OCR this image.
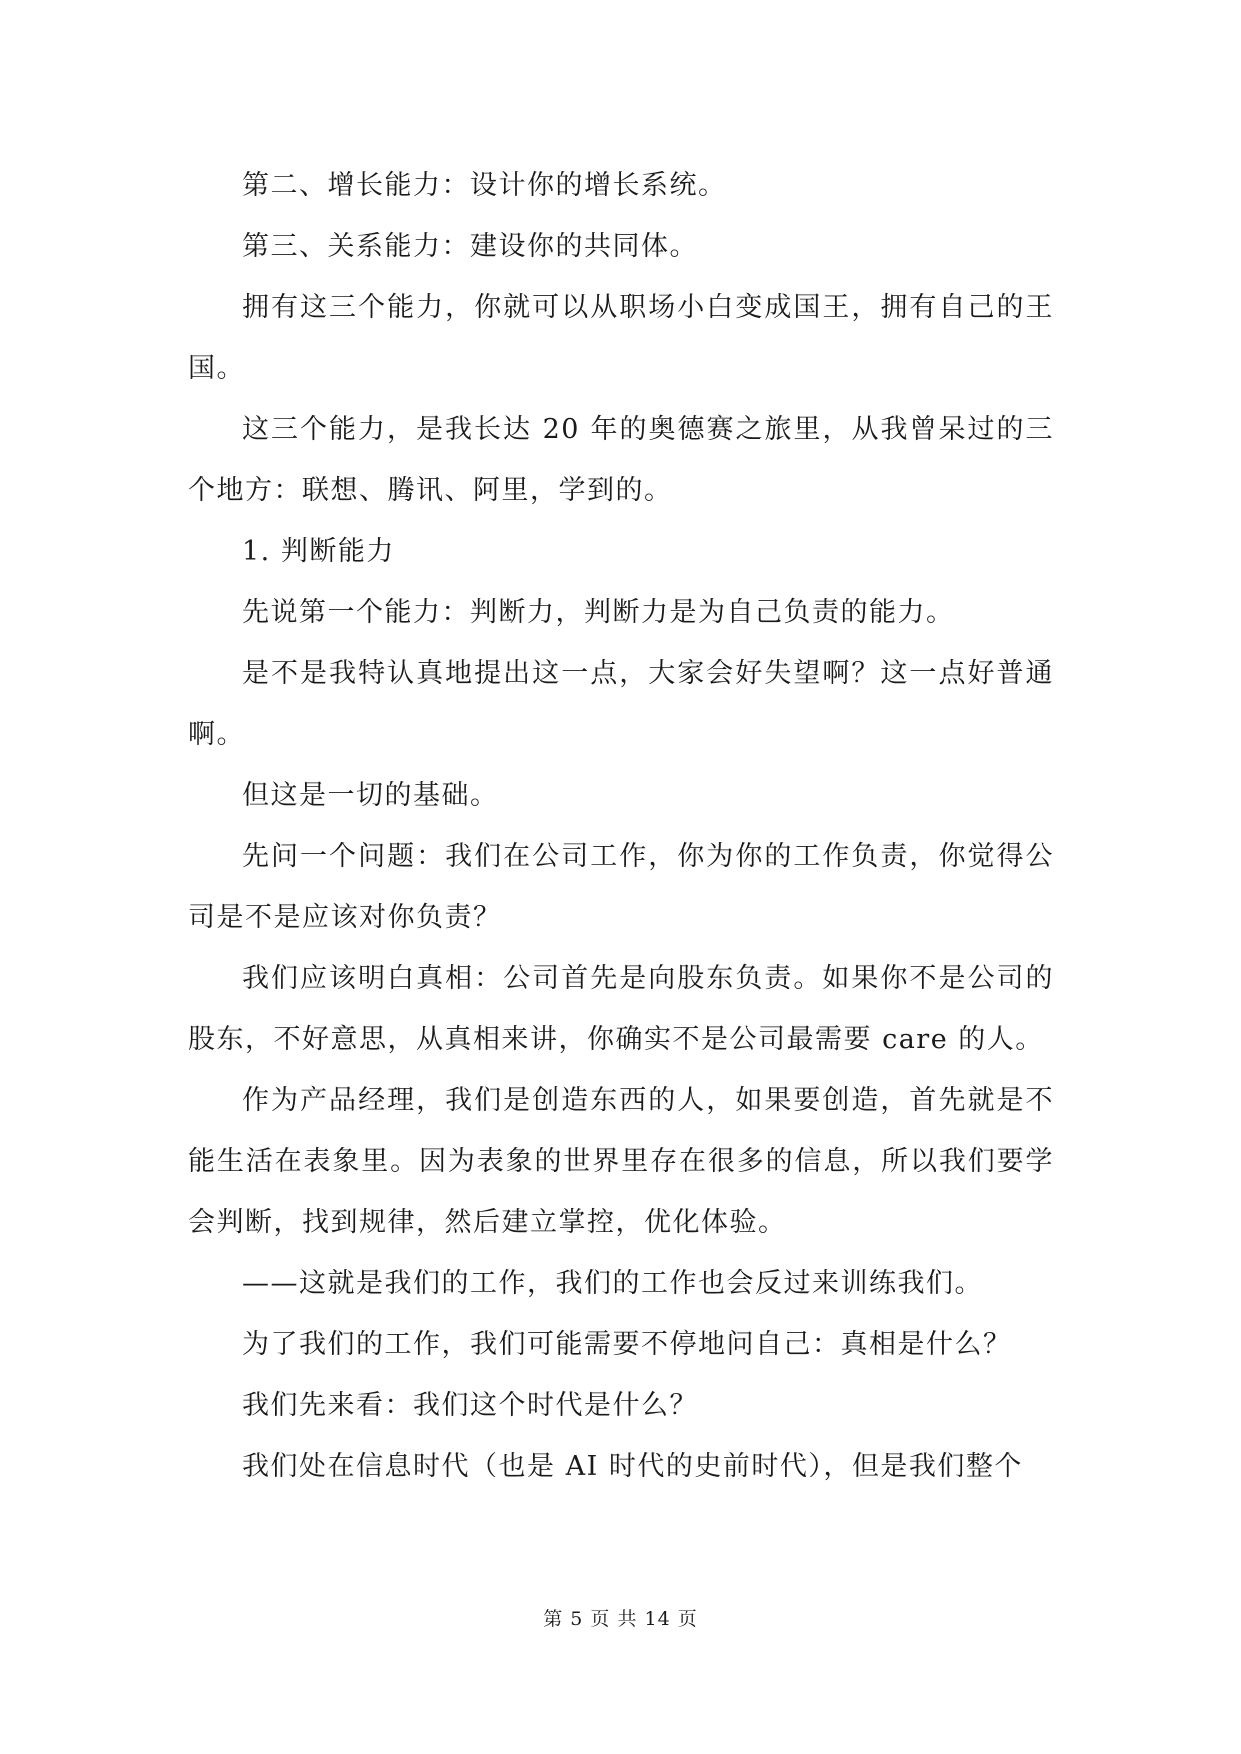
第二、增长能力：设计你的增长系统。

第三、关系能力：建设你的共同体。

拥有这三个能力，你就可以从职场小白变成国王，拥有自己的王国。

这三个能力，是我长达 20 年的奥德赛之旅里，从我曾呆过的三个地方：联想、腾讯、阿里，学到的。

1. 判断能力

先说第一个能力：判断力，判断力是为自己负责的能力。

是不是我特认真地提出这一点，大家会好失望啊？这一点好普通啊。

但这是一切的基础。

先问一个问题：我们在公司工作，你为你的工作负责，你觉得公司是不是应该对你负责？

我们应该明白真相：公司首先是向股东负责。如果你不是公司的股东，不好意思，从真相来讲，你确实不是公司最需要 care 的人。

作为产品经理，我们是创造东西的人，如果要创造，首先就是不能生活在表象里。因为表象的世界里存在很多的信息，所以我们要学会判断，找到规律，然后建立掌控，优化体验。

——这就是我们的工作，我们的工作也会反过来训练我们。

为了我们的工作，我们可能需要不停地问自己：真相是什么？

我们先来看：我们这个时代是什么？

我们处在信息时代（也是 AI 时代的史前时代），但是我们整个

第 5 页 共 14 页
